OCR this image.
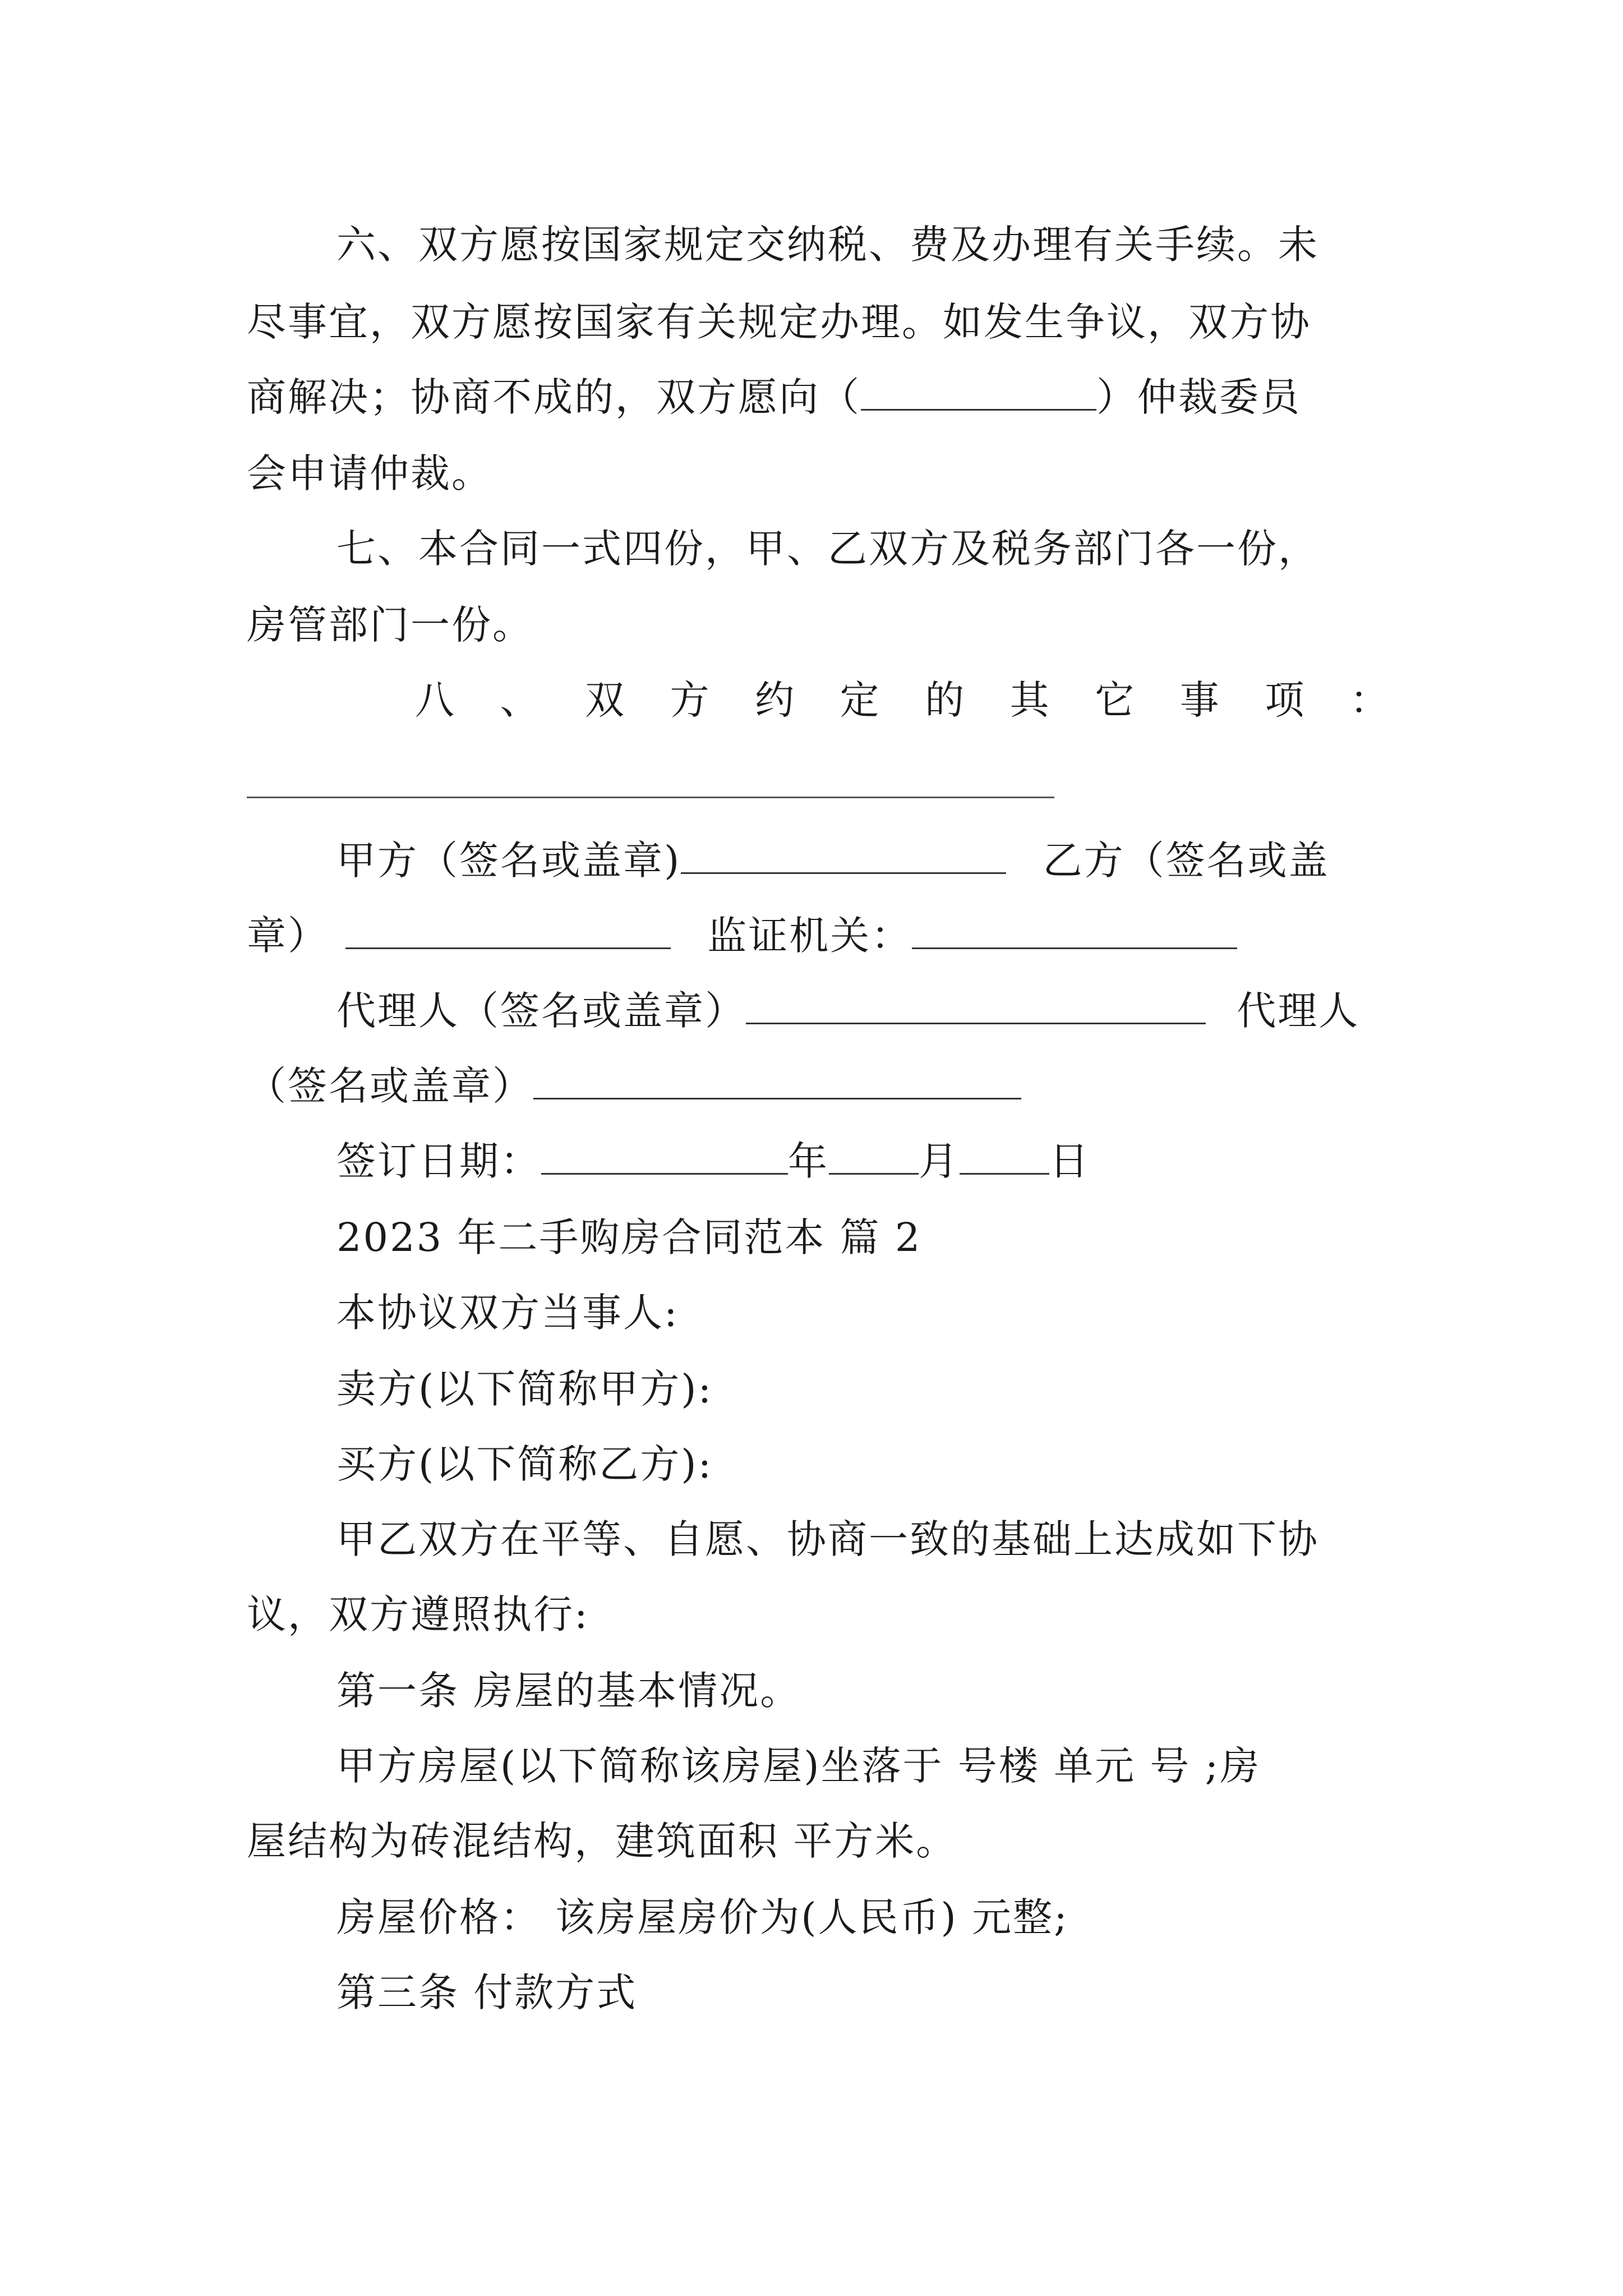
六、双方愿按国家规定交纳税、费及办理有关手续。未
尽事宜，双方愿按国家有关规定办理。如发生争议，双方协
商解决；协商不成的，双方愿向（	）仲裁委员
会申请仲裁。
七、本合同一式四份，甲、乙双方及税务部门各一份，
房管部门一份。
八 、 双 方 约 定 的 其 它 事 项 ：
甲方（签名或盖章)	乙方（签名或盖
章）	监证机关：
代理人（签名或盖章）	代理人
（签名或盖章）
签订日期：	年 月 日
2023 年二手购房合同范本 篇 2
本协议双方当事人:
卖方(以下简称甲方):
买方(以下简称乙方):
甲乙双方在平等、自愿、协商一致的基础上达成如下协
议，双方遵照执行:
第一条 房屋的基本情况。
甲方房屋(以下简称该房屋)坐落于 号楼 单元 号 ;房
屋结构为砖混结构，建筑面积 平方米。
房屋价格： 该房屋房价为(人民币) 元整;
第三条 付款方式
